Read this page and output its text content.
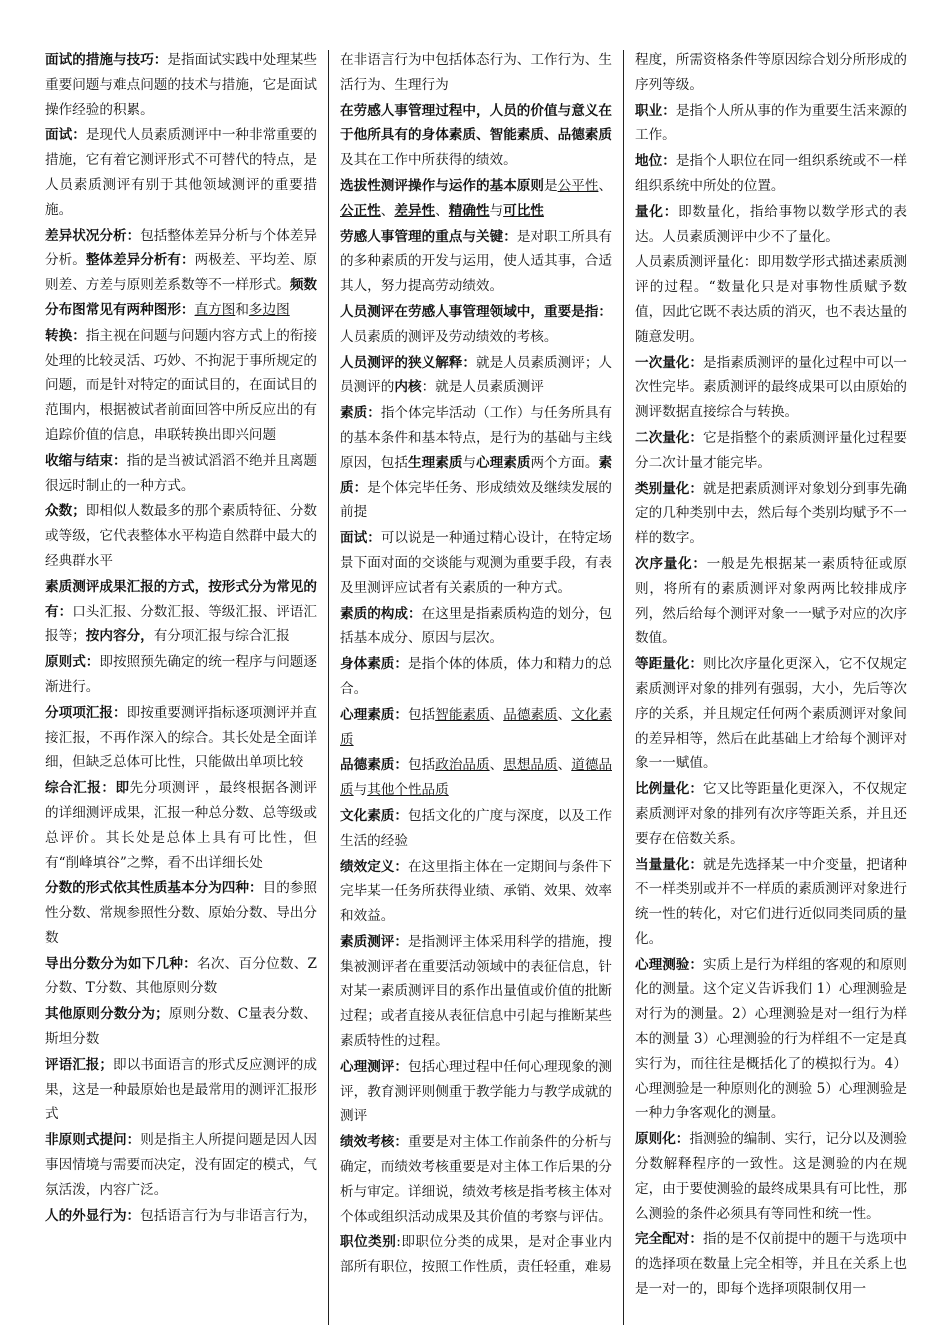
面试的措施与技巧：是指面试实践中处理某些重要问题与难点问题的技术与措施，它是面试操作经验的积累。
面试：是现代人员素质测评中一种非常重要的措施，它有着它测评形式不可替代的特点，是人员素质测评有别于其他领域测评的重要措施。
差异状况分析：包括整体差异分析与个体差异分析。整体差异分析有：两极差、平均差、原则差、方差与原则差系数等不一样形式。频数分布图常见有两种图形：直方图和多边图
转换：指主视在问题与问题内容方式上的衔接处理的比较灵活、巧妙、不拘泥于事所规定的问题，而是针对特定的面试目的，在面试目的范围内，根据被试者前面回答中所反应出的有追踪价值的信息，串联转换出即兴问题
收缩与结束：指的是当被试滔滔不绝并且离题很远时制止的一种方式。
众数；即相似人数最多的那个素质特征、分数或等级，它代表整体水平构造自然群中最大的经典群水平
素质测评成果汇报的方式，按形式分为常见的有：口头汇报、分数汇报、等级汇报、评语汇报等；按内容分，有分项汇报与综合汇报
原则式：即按照预先确定的统一程序与问题逐渐进行。
分项项汇报：即按重要测评指标逐项测评并直接汇报，不再作深入的综合。其长处是全面详细，但缺乏总体可比性，只能做出单项比较
综合汇报：即先分项测评 ，最终根据各测评的详细测评成果，汇报一种总分数、总等级或总评价。其长处是总体上具有可比性，但有“削峰填谷”之弊，看不出详细长处
分数的形式依其性质基本分为四种：目的参照性分数、常规参照性分数、原始分数、导出分数
导出分数分为如下几种：名次、百分位数、Z分数、T分数、其他原则分数
其他原则分数分为；原则分数、C量表分数、斯坦分数
评语汇报；即以书面语言的形式反应测评的成果，这是一种最原始也是最常用的测评汇报形式
非原则式提问：则是指主人所提问题是因人因事因情境与需要而决定，没有固定的模式，气氛活泼，内容广泛。
人的外显行为：包括语言行为与非语言行为，
在非语言行为中包括体态行为、工作行为、生活行为、生理行为
在劳感人事管理过程中，人员的价值与意义在于他所具有的身体素质、智能素质、品德素质及其在工作中所获得的绩效。
选拔性测评操作与运作的基本原则是公平性、公正性、差异性、精确性与可比性
劳感人事管理的重点与关键：是对职工所具有的多种素质的开发与运用，使人适其事，合适其人，努力提高劳动绩效。
人员测评在劳感人事管理领域中，重要是指：人员素质的测评及劳动绩效的考核。
人员测评的狭义解释：就是人员素质测评；人员测评的内核：就是人员素质测评
素质：指个体完毕活动（工作）与任务所具有的基本条件和基本特点，是行为的基础与主线原因，包括生理素质与心理素质两个方面。素质：是个体完毕任务、形成绩效及继续发展的前提
面试：可以说是一种通过精心设计，在特定场景下面对面的交谈能与观测为重要手段，有表及里测评应试者有关素质的一种方式。
素质的构成：在这里是指素质构造的划分，包括基本成分、原因与层次。
身体素质：是指个体的体质，体力和精力的总合。
心理素质：包括智能素质、品德素质、文化素质
品德素质：包括政治品质、思想品质、道德品质与其他个性品质
文化素质：包括文化的广度与深度，以及工作生活的经验
绩效定义：在这里指主体在一定期间与条件下完毕某一任务所获得业绩、承销、效果、效率和效益。
素质测评：是指测评主体采用科学的措施，搜集被测评者在重要活动领域中的表征信息，针对某一素质测评目的系作出量值或价值的批断过程；或者直接从表征信息中引起与推断某些素质特性的过程。
心理测评：包括心理过程中任何心理现象的测评，教育测评则侧重于教学能力与教学成就的测评
绩效考核：重要是对主体工作前条件的分析与确定，而绩效考核重要是对主体工作后果的分析与审定。详细说，绩效考核是指考核主体对个体或组织活动成果及其价值的考察与评估。
职位类别:即职位分类的成果，是对企事业内部所有职位，按照工作性质，责任轻重，难易
程度，所需资格条件等原因综合划分所形成的序列等级。
职业：是指个人所从事的作为重要生活来源的工作。
地位：是指个人职位在同一组织系统或不一样组织系统中所处的位置。
量化：即数量化，指给事物以数学形式的表达。人员素质测评中少不了量化。
人员素质测评量化：即用数学形式描述素质测评的过程。“数量化只是对事物性质赋予数值，因此它既不表达质的消灭，也不表达量的随意发明。
一次量化：是指素质测评的量化过程中可以一次性完毕。素质测评的最终成果可以由原始的测评数据直接综合与转换。
二次量化：它是指整个的素质测评量化过程要分二次计量才能完毕。
类别量化：就是把素质测评对象划分到事先确定的几种类别中去，然后每个类别均赋予不一样的数字。
次序量化：一般是先根据某一素质特征或原则，将所有的素质测评对象两两比较排成序列，然后给每个测评对象一一赋予对应的次序数值。
等距量化：则比次序量化更深入，它不仅规定素质测评对象的排列有强弱，大小，先后等次序的关系，并且规定任何两个素质测评对象间的差异相等，然后在此基础上才给每个测评对象一一赋值。
比例量化：它又比等距量化更深入，不仅规定素质测评对象的排列有次序等距关系，并且还要存在倍数关系。
当量量化：就是先选择某一中介变量，把诸种不一样类别或并不一样质的素质测评对象进行统一性的转化，对它们进行近似同类同质的量化。
心理测验：实质上是行为样组的客观的和原则化的测量。这个定义告诉我们 1）心理测验是对行为的测量。2）心理测验是对一组行为样本的测量 3）心理测验的行为样组不一定是真实行为，而往往是概括化了的模拟行为。4）心理测验是一种原则化的测验 5）心理测验是一种力争客观化的测量。
原则化：指测验的编制、实行，记分以及测验分数解释程序的一致性。这是测验的内在规定，由于要使测验的最终成果具有可比性，那么测验的条件必须具有等同性和统一性。
完全配对：指的是不仅前提中的题干与选项中的选择项在数量上完全相等，并且在关系上也是一对一的，即每个选择项限制仅用一
